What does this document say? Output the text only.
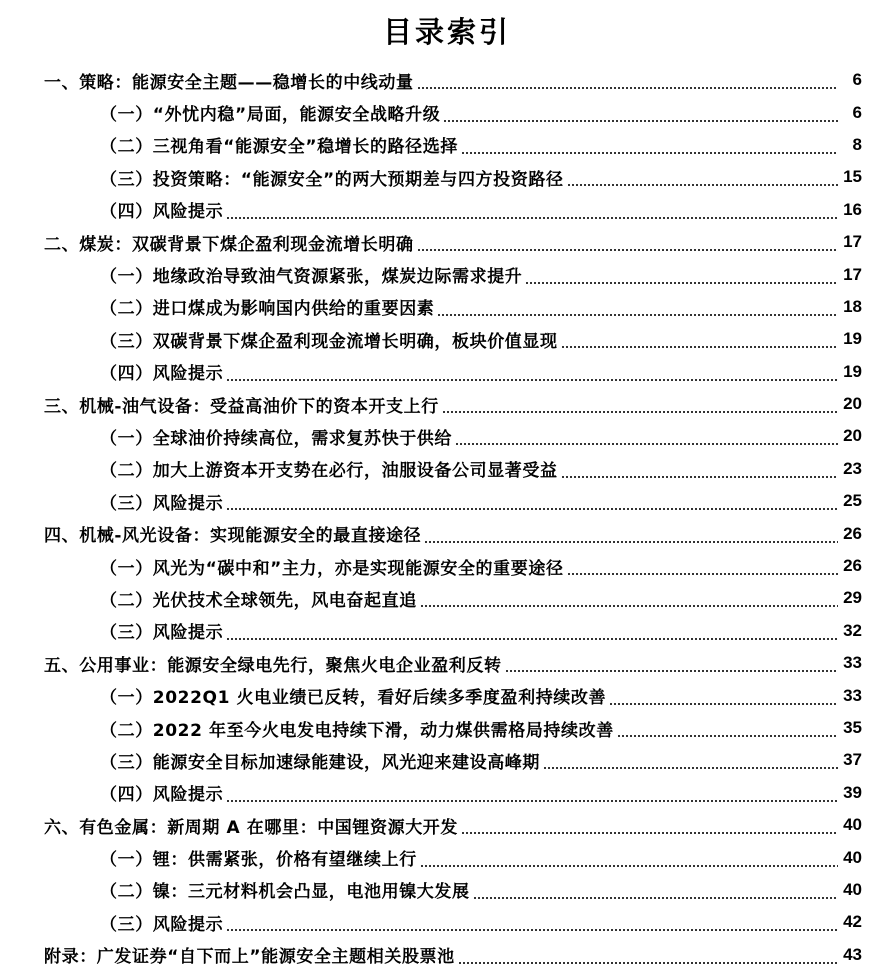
目录索引
一、策略：能源安全主题——稳增长的中线动量	6
（一）“外忧内稳”局面，能源安全战略升级	6
（二）三视角看“能源安全”稳增长的路径选择	8
（三）投资策略：“能源安全”的两大预期差与四方投资路径	15
（四）风险提示	16
二、煤炭：双碳背景下煤企盈利现金流增长明确	17
（一）地缘政治导致油气资源紧张，煤炭边际需求提升	17
（二）进口煤成为影响国内供给的重要因素	18
（三）双碳背景下煤企盈利现金流增长明确，板块价值显现	19
（四）风险提示	19
三、机械-油气设备：受益高油价下的资本开支上行	20
（一）全球油价持续高位，需求复苏快于供给	20
（二）加大上游资本开支势在必行，油服设备公司显著受益	23
（三）风险提示	25
四、机械-风光设备：实现能源安全的最直接途径	26
（一）风光为“碳中和”主力，亦是实现能源安全的重要途径	26
（二）光伏技术全球领先，风电奋起直追	29
（三）风险提示	32
五、公用事业：能源安全绿电先行，聚焦火电企业盈利反转	33
（一）2022Q1 火电业绩已反转，看好后续多季度盈利持续改善	33
（二）2022 年至今火电发电持续下滑，动力煤供需格局持续改善	35
（三）能源安全目标加速绿能建设，风光迎来建设高峰期	37
（四）风险提示	39
六、有色金属：新周期 A 在哪里：中国锂资源大开发	40
（一）锂：供需紧张，价格有望继续上行	40
（二）镍：三元材料机会凸显，电池用镍大发展	40
（三）风险提示	42
附录：广发证券“自下而上”能源安全主题相关股票池	43
